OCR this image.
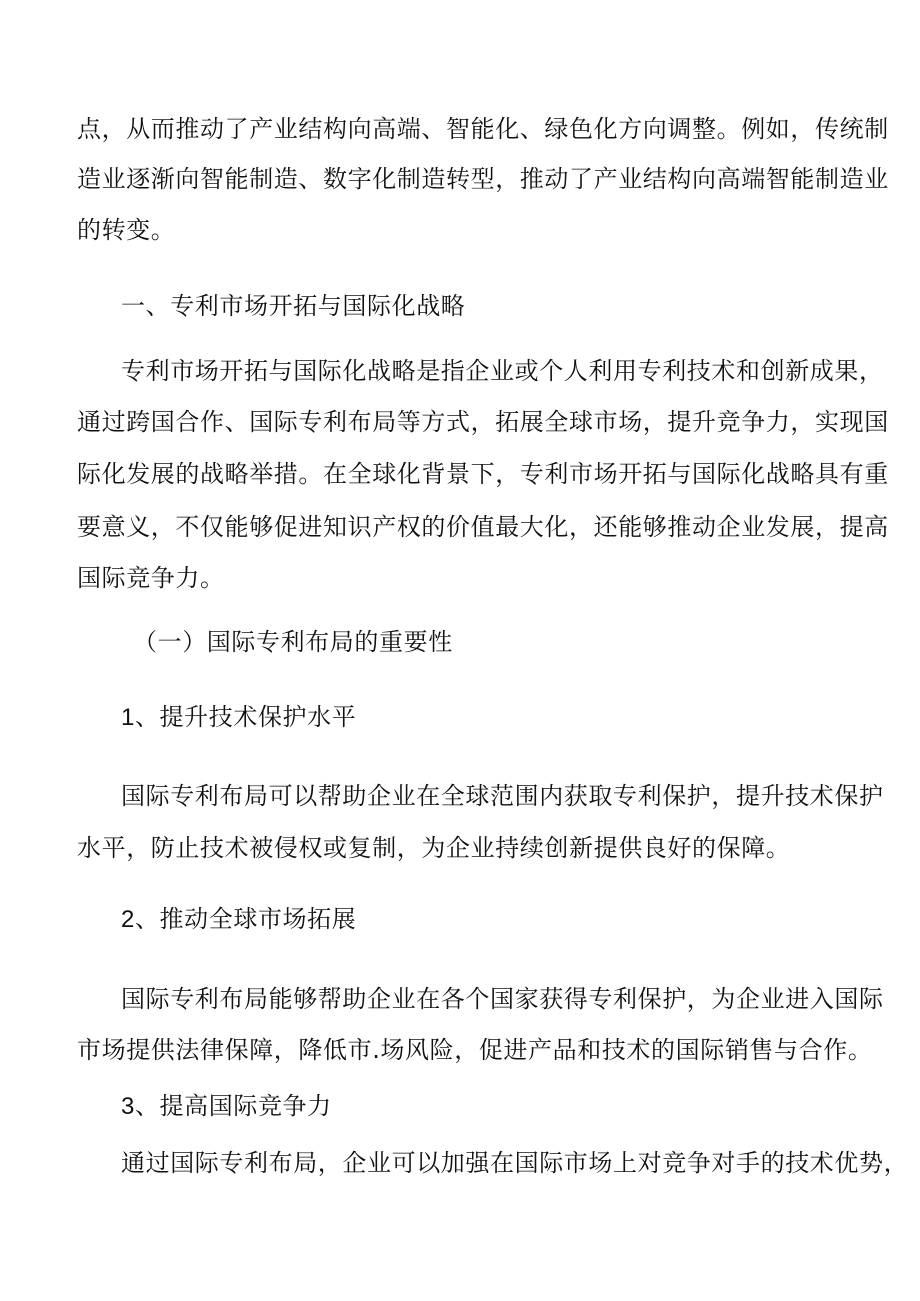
点，从而推动了产业结构向高端、智能化、绿色化方向调整。例如，传统制
造业逐渐向智能制造、数字化制造转型，推动了产业结构向高端智能制造业
的转变。
一、专利市场开拓与国际化战略
专利市场开拓与国际化战略是指企业或个人利用专利技术和创新成果，
通过跨国合作、国际专利布局等方式，拓展全球市场，提升竞争力，实现国
际化发展的战略举措。在全球化背景下，专利市场开拓与国际化战略具有重
要意义，不仅能够促进知识产权的价值最大化，还能够推动企业发展，提高
国际竞争力。
（一）国际专利布局的重要性
1、提升技术保护水平
国际专利布局可以帮助企业在全球范围内获取专利保护，提升技术保护
水平，防止技术被侵权或复制，为企业持续创新提供良好的保障。
2、推动全球市场拓展
国际专利布局能够帮助企业在各个国家获得专利保护，为企业进入国际
市场提供法律保障，降低市.场风险，促进产品和技术的国际销售与合作。
3、提高国际竞争力
通过国际专利布局，企业可以加强在国际市场上对竞争对手的技术优势，
